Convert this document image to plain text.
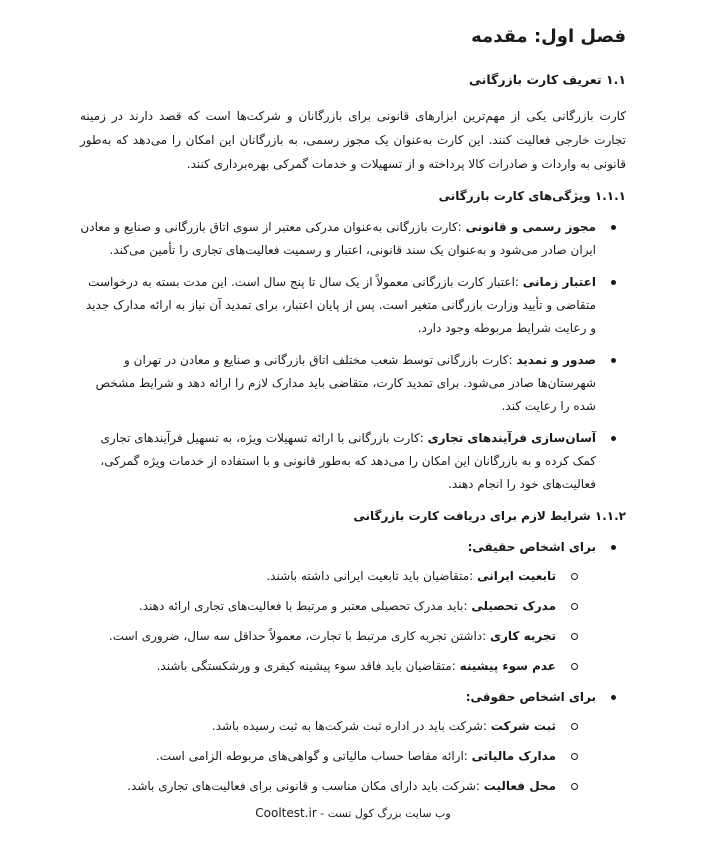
فصل اول: مقدمه
۱.۱ تعریف کارت بازرگانی

کارت بازرگانی یکی از مهم‌ترین ابزارهای قانونی برای بازرگانان و شرکت‌ها است که قصد دارند در زمینه تجارت خارجی فعالیت کنند. این کارت به‌عنوان یک مجوز رسمی، به بازرگانان این امکان را می‌دهد که به‌طور قانونی به واردات و صادرات کالا پرداخته و از تسهیلات و خدمات گمرکی بهره‌برداری کنند.

۱.۱.۱ ویژگی‌های کارت بازرگانی
مجوز رسمی و قانونی :کارت بازرگانی به‌عنوان مدرکی معتبر از سوی اتاق بازرگانی و صنایع و معادن ایران صادر می‌شود و به‌عنوان یک سند قانونی، اعتبار و رسمیت فعالیت‌های تجاری را تأمین می‌کند.
اعتبار زمانی :اعتبار کارت بازرگانی معمولاً از یک سال تا پنج سال است. این مدت بسته به درخواست متقاضی و تأیید وزارت بازرگانی متغیر است. پس از پایان اعتبار، برای تمدید آن نیاز به ارائه مدارک جدید و رعایت شرایط مربوطه وجود دارد.
صدور و تمدید :کارت بازرگانی توسط شعب مختلف اتاق بازرگانی و صنایع و معادن در تهران و شهرستان‌ها صادر می‌شود. برای تمدید کارت، متقاضی باید مدارک لازم را ارائه دهد و شرایط مشخص شده را رعایت کند.
آسان‌سازی فرآیندهای تجاری :کارت بازرگانی با ارائه تسهیلات ویژه، به تسهیل فرآیندهای تجاری کمک کرده و به بازرگانان این امکان را می‌دهد که به‌طور قانونی و با استفاده از خدمات ویژه گمرکی، فعالیت‌های خود را انجام دهند.
۱.۱.۲ شرایط لازم برای دریافت کارت بازرگانی
برای اشخاص حقیقی:
تابعیت ایرانی :متقاضیان باید تابعیت ایرانی داشته باشند.
مدرک تحصیلی :باید مدرک تحصیلی معتبر و مرتبط با فعالیت‌های تجاری ارائه دهند.
تجربه کاری :داشتن تجربه کاری مرتبط با تجارت، معمولاً حداقل سه سال، ضروری است.
عدم سوء پیشینه :متقاضیان باید فاقد سوء پیشینه کیفری و ورشکستگی باشند.
برای اشخاص حقوقی:
ثبت شرکت :شرکت باید در اداره ثبت شرکت‌ها به ثبت رسیده باشد.
مدارک مالیاتی :ارائه مفاصا حساب مالیاتی و گواهی‌های مربوطه الزامی است.
محل فعالیت :شرکت باید دارای مکان مناسب و قانونی برای فعالیت‌های تجاری باشد.
وب سایت بزرگ کول تست - Cooltest.ir
